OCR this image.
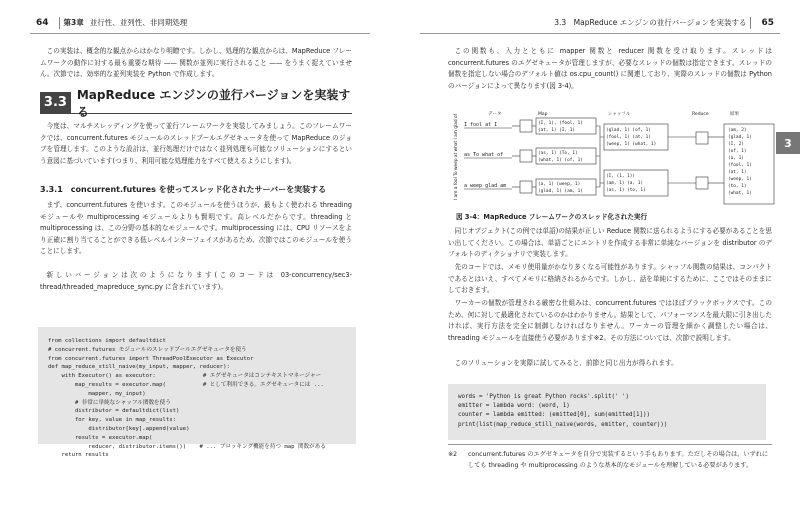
64	第3章 並行性、並列性、非同期処理
この実装は、概念的な観点からはかなり明瞭です。しかし、処理的な観点からは、MapReduce フレームワークの動作に対する最も重要な期待 —— 関数が並列に実行されること —— をうまく捉えていません。次節では、効率的な並列実装を Python で作成します。
3.3
MapReduce エンジンの並行バージョンを実装する
今度は、マルチスレッディングを使って並行フレームワークを実装してみましょう。このフレームワークでは、concurrent.futures モジュールのスレッドプールエグゼキュータを使って MapReduce のジョブを管理します。このような設計は、並行処理だけではなく並列処理も可能なソリューションにするという意図に基づいています(つまり、利用可能な処理能力をすべて使えるようにします)。
3.3.1　concurrent.futures を使ってスレッド化されたサーバーを実装する
まず、concurrent.futures を使います。このモジュールを使うほうが、最もよく使われる threading モジュールや multiprocessing モジュールよりも賢明です。高レベルだからです。threading と multiprocessing は、この分野の基本的なモジュールです。multiprocessing には、CPU リソースをより正確に割り当てることができる低レベルインターフェイスがあるため、次節ではこのモジュールを使うことにします。
新しいバージョンは次のようになります(このコードは 03-concurrency/sec3-thread/threaded_mapreduce_sync.py に含まれています)。
from collections import defaultdict
# concurrent.futures モジュールのスレッドプールエグゼキュータを使う
from concurrent.futures import ThreadPoolExecutor as Executor
def map_reduce_still_naive(my_input, mapper, reducer):
with Executor() as executor:              # エグゼキュータはコンテキストマネージャー
map_results = executor.map(           # として利用できる。エグゼキュータには ...
mapper, my_input)
# 非常に単純なシャッフル関数を使う
distributor = defaultdict(list)
for key, value in map_results:
distributor[key].append(value)
results = executor.map(
reducer, distributor.items())    # ... ブロッキング機能を持つ map 関数がある
return results
3.3　MapReduce エンジンの並行バージョンを実装する	65
3
この関数も、入力とともに mapper 関数と reducer 関数を受け取ります。スレッドは concurrent.futures のエグゼキュータが管理しますが、必要なスレッドの個数は指定できます。スレッドの個数を指定しない場合のデフォルト値は os.cpu_count() に関連しており、実際のスレッドの個数は Python のバージョンによって異なります(図 3-4)。
データ	Map	シャッフル	Reduce	結果
I am a fool To weep at what I am glad of I fool at I
as To what of
a weep glad am
(I, 1), (fool, 1)
(at, 1) (I, 1)
(as, 1) (To, 1)
(what, 1) (of, 1)
(a, 1) (weep, 1)
(glad, 1) (am, 1)
(glad, 1) (of, 1)
(fool, 1) (at, 1)
(weep, 1) (what, 1)
(I, (1, 1))
(am, 1) (a, 1)
(as, 1) (to, 1)
(am, 2)
(glad, 1)
(I, 2)
(of, 1)
(a, 1)
(fool, 1)
(at, 1)
(weep, 1)
(to, 1)
(what, 1)
図 3-4：MapReduce フレームワークのスレッド化された実行
同じオブジェクト(この例では単語)の結果が正しい Reduce 関数に送られるようにする必要があることを思い出してください。この場合は、単語ごとにエントリを作成する非常に単純なバージョンを distributor のデフォルトのディクショナリで実装します。
先のコードでは、メモリ使用量がかなり多くなる可能性があります。シャッフル関数の結果は、コンパクトであるとはいえ、すべてメモリに格納されるからです。しかし、話を単純にするために、ここではそのままにしておきます。
ワーカーの個数が管理される厳密な仕組みは、concurrent.futures ではほぼブラックボックスです。このため、何に対して最適化されているのかはわかりません。結果として、パフォーマンスを最大限に引き出したければ、実行方法を完全に制御しなければなりません。ワーカーの管理を細かく調整したい場合は、threading モジュールを直接使う必要があります※2。その方法については、次節で説明します。
このソリューションを実際に試してみると、前節と同じ出力が得られます。
words = 'Python is great Python rocks'.split(' ')
emitter = lambda word: (word, 1)
counter = lambda emitted: (emitted[0], sum(emitted[1]))
print(list(map_reduce_still_naive(words, emitter, counter)))
※2	concurrent.futures のエグゼキュータを自分で実装するという手もあります。ただしその場合は、いずれにしても threading や multiprocessing のような基本的なモジュールを理解している必要があります。
